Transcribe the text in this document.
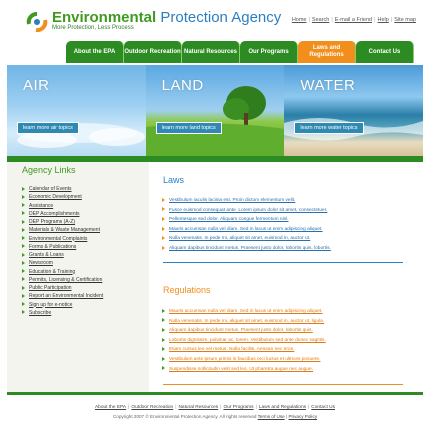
Environmental Protection Agency
More Protection, Less Process
Home | Search | E-mail a Friend | Help | Site map
About the EPA	Outdoor Recreation Natural Resources	Our Programs
Laws and Regulations
Contact Us
AIR
learn more air topics
LAND
learn more land topics
WATER
learn more water topics
Agency Links
Calendar of Events
Economic Development
Assistance
DEP Accomplishments
DEP Programs (A-Z)
Materials & Waste Management
Environmental Complaints
Forms & Publications
Grants & Loans
Newsroom
Education & Training
Permits, Licensing & Certification
Public Participation
Report an Environmental Incident
Sign up for e-notice
Subscribe
Laws
Vestibulum iaculis lacinia est. Proin dictum elementum velit.
Fusce euismod consequat ante. Lorem ipsum dolor sit amet, consectetuer.
Pellentesque sed dolor. Aliquam congue fermentum nisl.
Mauris accumsan nulla vel diam. Sed in lacus ut enim adipiscing aliquet.
Nulla venenatis. In pede mi, aliquet sit amet, euismod in, auctor ut.
Aliquam dapibus tincidunt metus. Praesent justo dolor, lobortis quis, lobortis.
Regulations
Mauris accumsan nulla vel diam. Sed in lacus ut enim adipiscing aliquet.
Nulla venenatis. In pede mi, aliquet sit amet, euismod in, auctor ut, ligula.
Aliquam dapibus tincidunt metus. Praesent justo dolor, lobortis quis.
Lobortis dignissim, pulvinar ac, lorem. Vestibulum sed ante donec sagittis.
Etiam cursus leo vel metus. Nulla facilisi. Aenean nec eros.
Vestibulum ante ipsum primis in faucibus orci luctus et ultrices posuere.
Suspendisse sollicitudin velit sed leo. Ut pharetra augue nec augue.
About the EPA | Outdoor Recreation | Natural Resources | Our Programs | Laws and Regulations | Contact Us
Copyright 2007 © Environmental Protection Agency. All rights reserved Terms of Use | Privacy Policy
